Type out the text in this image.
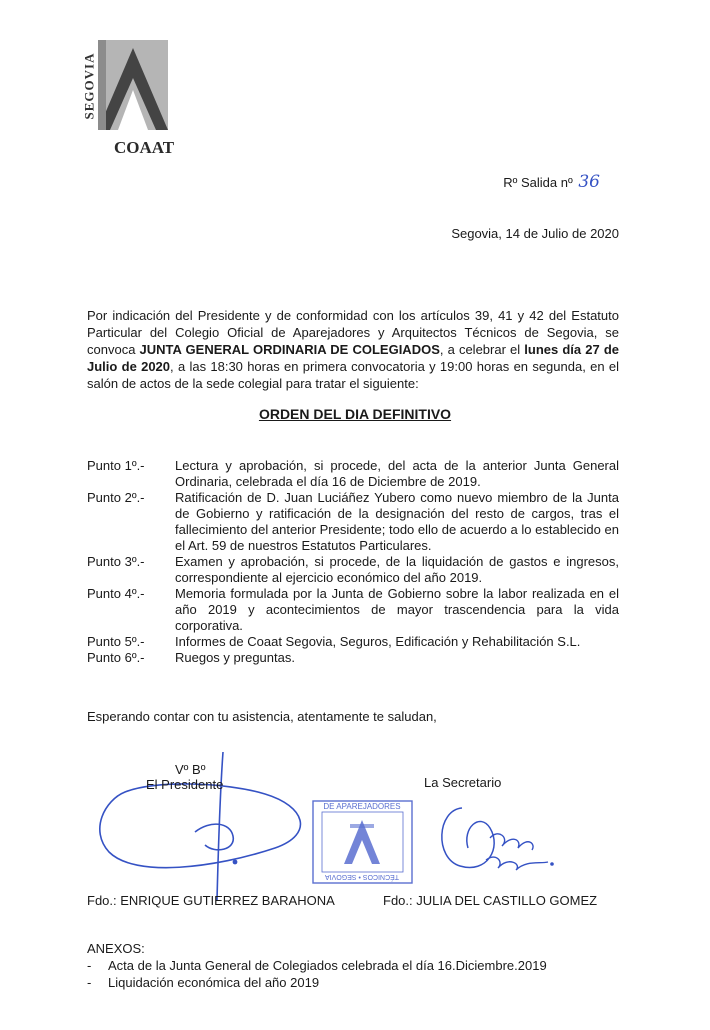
SEGOVIA
COAAT
Rº Salida nº 36
Segovia, 14 de Julio de 2020
Por indicación del Presidente y de conformidad con los artículos 39, 41 y 42 del Estatuto Particular del Colegio Oficial de Aparejadores y Arquitectos Técnicos de Segovia, se convoca JUNTA GENERAL ORDINARIA DE COLEGIADOS, a celebrar el lunes día 27 de Julio de 2020, a las 18:30 horas en primera convocatoria y 19:00 horas en segunda, en el salón de actos de la sede colegial para tratar el siguiente:
ORDEN DEL DIA DEFINITIVO
Punto 1º.-	Lectura y aprobación, si procede, del acta de la anterior Junta General Ordinaria, celebrada el día 16 de Diciembre de 2019.
Punto 2º.-	Ratificación de D. Juan Luciáñez Yubero como nuevo miembro de la Junta de Gobierno y ratificación de la designación del resto de cargos, tras el fallecimiento del anterior Presidente; todo ello de acuerdo a lo establecido en el Art. 59 de nuestros Estatutos Particulares.
Punto 3º.-	Examen y aprobación, si procede, de la liquidación de gastos e ingresos, correspondiente al ejercicio económico del año 2019.
Punto 4º.-	Memoria formulada por la Junta de Gobierno sobre la labor realizada en el año 2019 y acontecimientos de mayor trascendencia para la vida corporativa.
Punto 5º.-	Informes de Coaat Segovia, Seguros, Edificación y Rehabilitación S.L.
Punto 6º.-	Ruegos y preguntas.
Esperando contar con tu asistencia, atentamente te saludan,
DE APAREJADORES
TÉCNICOS • SEGOVIA
Vº Bº
El Presidente	La Secretario
Fdo.: ENRIQUE GUTIERREZ BARAHONA	Fdo.: JULIA DEL CASTILLO GOMEZ
ANEXOS:
-	Acta de la Junta General de Colegiados celebrada el día 16.Diciembre.2019
-	Liquidación económica del año 2019
